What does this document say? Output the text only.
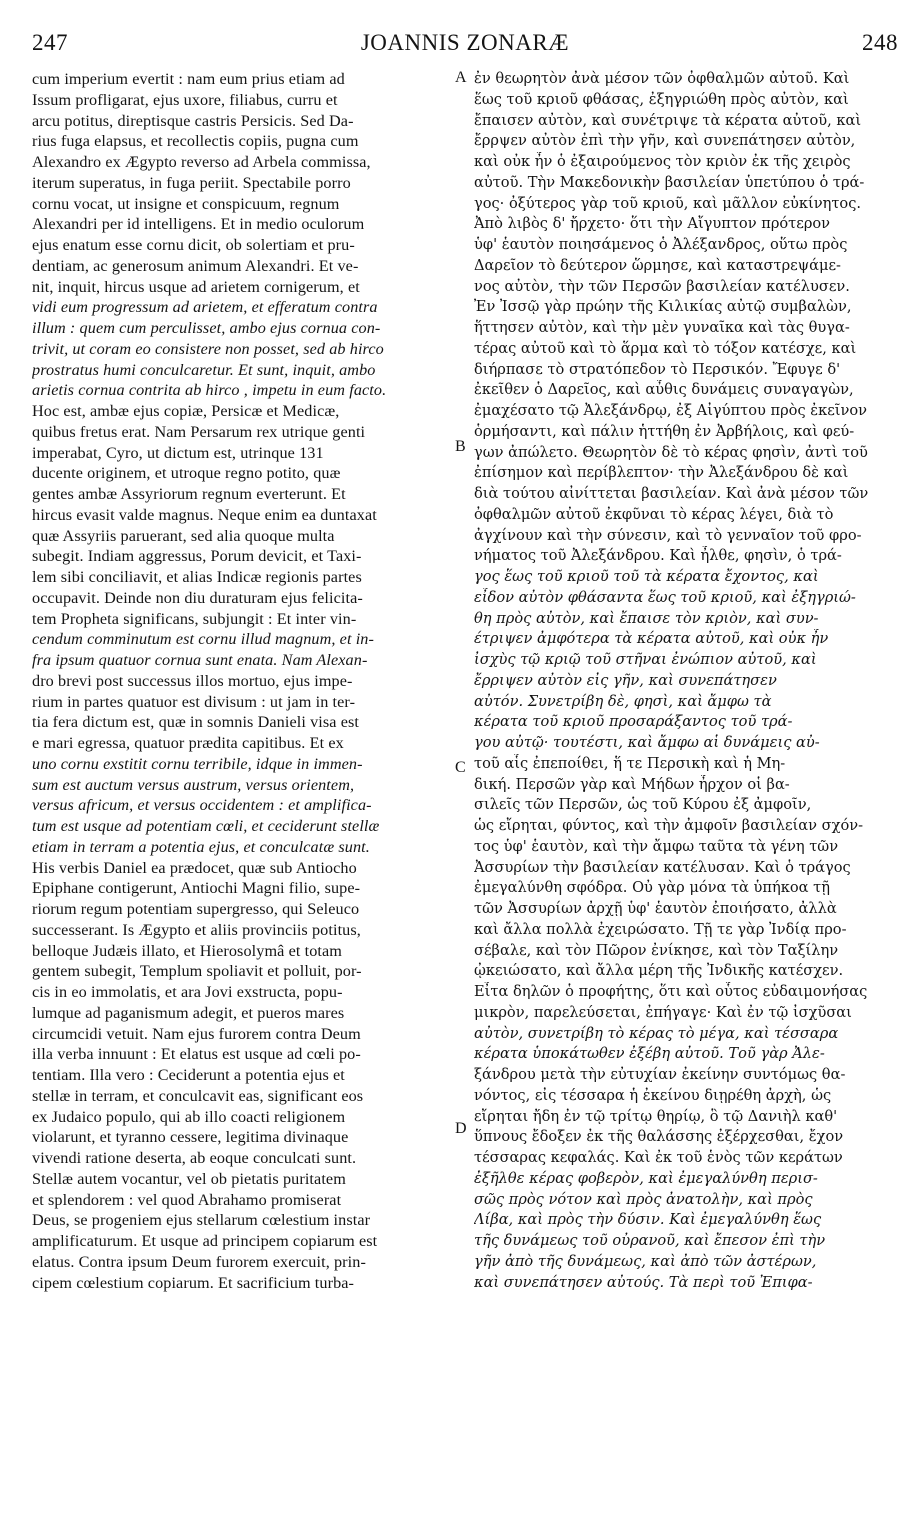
247	JOANNIS ZONARÆ	248
cum imperium evertit : nam eum prius etiam ad
Issum profligarat, ejus uxore, filiabus, curru et
arcu potitus, direptisque castris Persicis. Sed Da-
rius fuga elapsus, et recollectis copiis, pugna cum
Alexandro ex Ægypto reverso ad Arbela commissa,
iterum superatus, in fuga periit. Spectabile porro
cornu vocat, ut insigne et conspicuum, regnum
Alexandri per id intelligens. Et in medio oculorum
ejus enatum esse cornu dicit, ob solertiam et pru-
dentiam, ac generosum animum Alexandri. Et ve-
nit, inquit, hircus usque ad arietem cornigerum, et
vidi eum progressum ad arietem, et efferatum contra
illum : quem cum perculisset, ambo ejus cornua con-
trivit, ut coram eo consistere non posset, sed ab hirco
prostratus humi conculcaretur. Et sunt, inquit, ambo
arietis cornua contrita ab hirco , impetu in eum facto.
Hoc est, ambæ ejus copiæ, Persicæ et Medicæ,
quibus fretus erat. Nam Persarum rex utrique genti
imperabat, Cyro, ut dictum est, utrinque 131
ducente originem, et utroque regno potito, quæ
gentes ambæ Assyriorum regnum everterunt. Et
hircus evasit valde magnus. Neque enim ea duntaxat
quæ Assyriis paruerant, sed alia quoque multa
subegit. Indiam aggressus, Porum devicit, et Taxi-
lem sibi conciliavit, et alias Indicæ regionis partes
occupavit. Deinde non diu duraturam ejus felicita-
tem Propheta significans, subjungit : Et inter vin-
cendum comminutum est cornu illud magnum, et in-
fra ipsum quatuor cornua sunt enata. Nam Alexan-
dro brevi post successus illos mortuo, ejus impe-
rium in partes quatuor est divisum : ut jam in ter-
tia fera dictum est, quæ in somnis Danieli visa est
e mari egressa, quatuor prædita capitibus. Et ex
uno cornu exstitit cornu terribile, idque in immen-
sum est auctum versus austrum, versus orientem,
versus africum, et versus occidentem : et amplifica-
tum est usque ad potentiam cœli, et ceciderunt stellæ
etiam in terram a potentia ejus, et conculcatæ sunt.
His verbis Daniel ea prædocet, quæ sub Antiocho
Epiphane contigerunt, Antiochi Magni filio, supe-
riorum regum potentiam supergresso, qui Seleuco
successerant. Is Ægypto et aliis provinciis potitus,
belloque Judæis illato, et Hierosolymâ et totam
gentem subegit, Templum spoliavit et polluit, por-
cis in eo immolatis, et ara Jovi exstructa, popu-
lumque ad paganismum adegit, et pueros mares
circumcidi vetuit. Nam ejus furorem contra Deum
illa verba innuunt : Et elatus est usque ad cœli po-
tentiam. Illa vero : Ceciderunt a potentia ejus et
stellæ in terram, et conculcavit eas, significant eos
ex Judaico populo, qui ab illo coacti religionem
violarunt, et tyranno cessere, legitima divinaque
vivendi ratione deserta, ab eoque conculcati sunt.
Stellæ autem vocantur, vel ob pietatis puritatem
et splendorem : vel quod Abrahamo promiserat
Deus, se progeniem ejus stellarum cœlestium instar
amplificaturum. Et usque ad principem copiarum est
elatus. Contra ipsum Deum furorem exercuit, prin-
cipem cœlestium copiarum. Et sacrificium turba-
ἐν θεωρητὸν ἀνὰ μέσον τῶν ὀφθαλμῶν αὐτοῦ. Καὶ
ἕως τοῦ κριοῦ φθάσας, ἐξηγριώθη πρὸς αὐτὸν, καὶ
ἔπαισεν αὐτὸν, καὶ συνέτριψε τὰ κέρατα αὐτοῦ, καὶ
ἔρρψεν αὐτὸν ἐπὶ τὴν γῆν, καὶ συνεπάτησεν αὐτὸν,
καὶ οὐκ ἦν ὁ ἐξαιρούμενος τὸν κριὸν ἐκ τῆς χειρὸς
αὐτοῦ. Τὴν Μακεδονικὴν βασιλείαν ὑπετύπου ὁ τρά-
γος· ὀξύτερος γὰρ τοῦ κριοῦ, καὶ μᾶλλον εὐκίνητος.
Ἀπὸ λιβὸς δ' ἤρχετο· ὅτι τὴν Αἴγυπτον πρότερον
ὑφ' ἑαυτὸν ποιησάμενος ὁ Ἀλέξανδρος, οὕτω πρὸς
Δαρεῖον τὸ δεύτερον ὥρμησε, καὶ καταστρεψάμε-
νος αὐτὸν, τὴν τῶν Περσῶν βασιλείαν κατέλυσεν.
Ἐν Ἰσσῷ γὰρ πρώην τῆς Κιλικίας αὐτῷ συμβαλὼν,
ἥττησεν αὐτὸν, καὶ τὴν μὲν γυναῖκα καὶ τὰς θυγα-
τέρας αὐτοῦ καὶ τὸ ἅρμα καὶ τὸ τόξον κατέσχε, καὶ
διήρπασε τὸ στρατόπεδον τὸ Περσικόν. Ἔφυγε δ'
ἐκεῖθεν ὁ Δαρεῖος, καὶ αὖθις δυνάμεις συναγαγὼν,
ἐμαχέσατο τῷ Ἀλεξάνδρῳ, ἐξ Αἰγύπτου πρὸς ἐκεῖνον
ὁρμήσαντι, καὶ πάλιν ἡττήθη ἐν Ἀρβήλοις, καὶ φεύ-
γων ἀπώλετο. Θεωρητὸν δὲ τὸ κέρας φησὶν, ἀντὶ τοῦ
ἐπίσημον καὶ περίβλεπτον· τὴν Ἀλεξάνδρου δὲ καὶ
διὰ τούτου αἰνίττεται βασιλείαν. Καὶ ἀνὰ μέσον τῶν
ὀφθαλμῶν αὐτοῦ ἐκφῦναι τὸ κέρας λέγει, διὰ τὸ
ἀγχίνουν καὶ τὴν σύνεσιν, καὶ τὸ γενναῖον τοῦ φρο-
νήματος τοῦ Ἀλεξάνδρου. Καὶ ἦλθε, φησὶν, ὁ τρά-
γος ἕως τοῦ κριοῦ τοῦ τὰ κέρατα ἔχοντος, καὶ
εἶδον αὐτὸν φθάσαντα ἕως τοῦ κριοῦ, καὶ ἐξηγριώ-
θη πρὸς αὐτὸν, καὶ ἔπαισε τὸν κριὸν, καὶ συν-
έτριψεν ἀμφότερα τὰ κέρατα αὐτοῦ, καὶ οὐκ ἦν
ἰσχὺς τῷ κριῷ τοῦ στῆναι ἐνώπιον αὐτοῦ, καὶ
ἔρριψεν αὐτὸν εἰς γῆν, καὶ συνεπάτησεν
αὐτόν. Συνετρίβη δὲ, φησὶ, καὶ ἄμφω τὰ
κέρατα τοῦ κριοῦ προσαράξαντος τοῦ τρά-
γου αὐτῷ· τουτέστι, καὶ ἄμφω αἱ δυνάμεις αὐ-
τοῦ αἷς ἐπεποίθει, ἥ τε Περσικὴ καὶ ἡ Μη-
δική. Περσῶν γὰρ καὶ Μήδων ἦρχον οἱ βα-
σιλεῖς τῶν Περσῶν, ὡς τοῦ Κύρου ἐξ ἀμφοῖν,
ὡς εἴρηται, φύντος, καὶ τὴν ἀμφοῖν βασιλείαν σχόν-
τος ὑφ' ἑαυτὸν, καὶ τὴν ἄμφω ταῦτα τὰ γένη τῶν
Ἀσσυρίων τὴν βασιλείαν κατέλυσαν. Καὶ ὁ τράγος
ἐμεγαλύνθη σφόδρα. Οὐ γὰρ μόνα τὰ ὑπήκοα τῇ
τῶν Ἀσσυρίων ἀρχῇ ὑφ' ἑαυτὸν ἐποιήσατο, ἀλλὰ
καὶ ἄλλα πολλὰ ἐχειρώσατο. Τῇ τε γὰρ Ἰνδίᾳ προ-
σέβαλε, καὶ τὸν Πῶρον ἐνίκησε, καὶ τὸν Ταξίλην
ᾠκειώσατο, καὶ ἄλλα μέρη τῆς Ἰνδικῆς κατέσχεν.
Εἶτα δηλῶν ὁ προφήτης, ὅτι καὶ οὗτος εὐδαιμονήσας
μικρὸν, παρελεύσεται, ἐπήγαγε· Καὶ ἐν τῷ ἰσχῦσαι
αὐτὸν, συνετρίβη τὸ κέρας τὸ μέγα, καὶ τέσσαρα
κέρατα ὑποκάτωθεν ἐξέβη αὐτοῦ. Τοῦ γὰρ Ἀλε-
ξάνδρου μετὰ τὴν εὐτυχίαν ἐκείνην συντόμως θα-
νόντος, εἰς τέσσαρα ἡ ἐκείνου διῃρέθη ἀρχὴ, ὡς
εἴρηται ἤδη ἐν τῷ τρίτῳ θηρίῳ, ὃ τῷ Δανιὴλ καθ'
ὕπνους ἔδοξεν ἐκ τῆς θαλάσσης ἐξέρχεσθαι, ἔχον
τέσσαρας κεφαλάς. Καὶ ἐκ τοῦ ἑνὸς τῶν κεράτων
ἐξῆλθε κέρας φοβερὸν, καὶ ἐμεγαλύνθη περισ-
σῶς πρὸς νότον καὶ πρὸς ἀνατολὴν, καὶ πρὸς
Λίβα, καὶ πρὸς τὴν δύσιν. Καὶ ἐμεγαλύνθη ἕως
τῆς δυνάμεως τοῦ οὐρανοῦ, καὶ ἔπεσον ἐπὶ τὴν
γῆν ἀπὸ τῆς δυνάμεως, καὶ ἀπὸ τῶν ἀστέρων,
καὶ συνεπάτησεν αὐτούς. Τὰ περὶ τοῦ Ἐπιφα-
A
B
C
D
